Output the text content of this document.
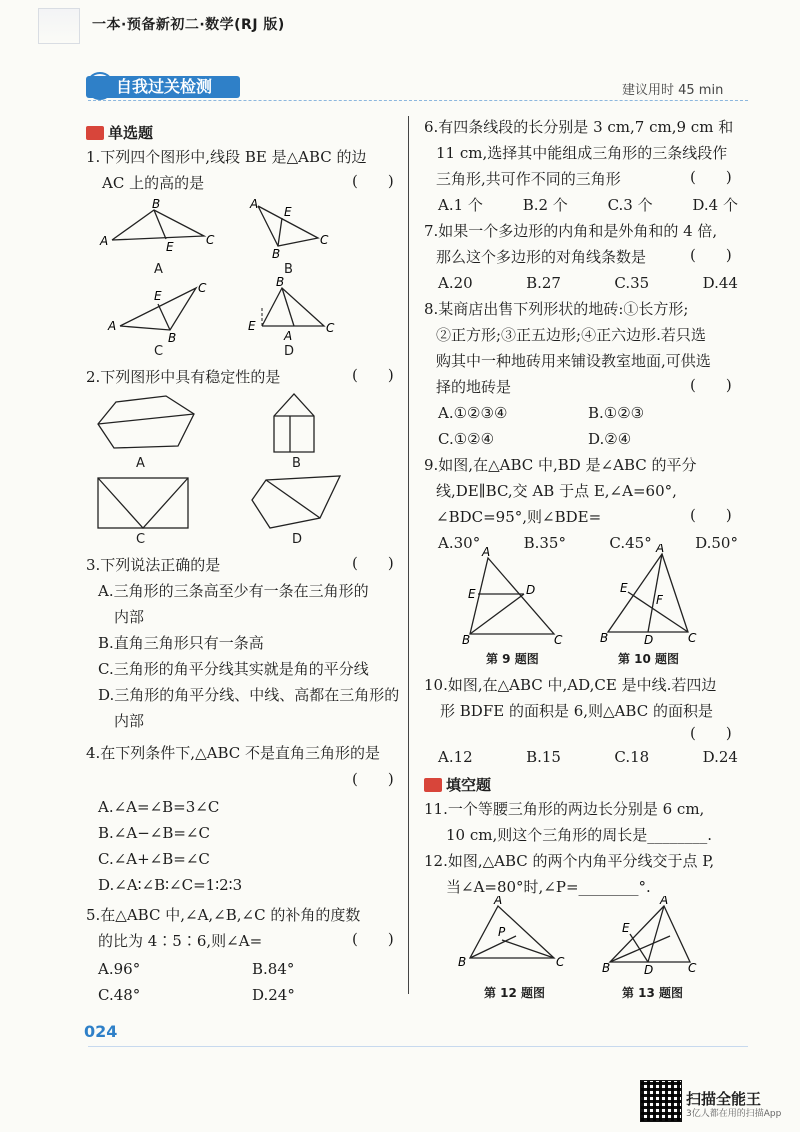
一本·预备新初二·数学(RJ 版)
自我过关检测	建议用时 45 min
单选题
1.下列四个图形中,线段 BE 是△ABC 的边
AC 上的高的是	(　　)
A
B
E	C
A
E
B
C
A
E
C
B
B
E
A
C
A	B
C	D
2.下列图形中具有稳定性的是	(　　)
A	B
C	D
3.下列说法正确的是
A.三角形的三条高至少有一条在三角形的
内部
B.直角三角形只有一条高
C.三角形的角平分线其实就是角的平分线
D.三角形的角平分线、中线、高都在三角形的
内部
(　　)
4.在下列条件下,△ABC 不是直角三角形的是
(　　)
A.∠A=∠B=3∠C
B.∠A−∠B=∠C
C.∠A+∠B=∠C
D.∠A∶∠B∶∠C=1∶2∶3
5.在△ABC 中,∠A,∠B,∠C 的补角的度数
的比为 4∶5∶6,则∠A=	(　　)
A.96°	B.84°
C.48°	D.24°
6.有四条线段的长分别是 3 cm,7 cm,9 cm 和
11 cm,选择其中能组成三角形的三条线段作
三角形,共可作不同的三角形	(　　)
A.1 个	B.2 个	C.3 个	D.4 个
7.如果一个多边形的内角和是外角和的 4 倍,
那么这个多边形的对角线条数是	(　　)
A.20	B.27	C.35	D.44
8.某商店出售下列形状的地砖:①长方形;
②正方形;③正五边形;④正六边形.若只选
购其中一种地砖用来铺设教室地面,可供选
择的地砖是	(　　)
A.①②③④	B.①②③
C.①②④	D.②④
9.如图,在△ABC 中,BD 是∠ABC 的平分
线,DE∥BC,交 AB 于点 E,∠A=60°,
∠BDC=95°,则∠BDE=	(　　)
A.30°	B.35°	C.45°	D.50°
A
E	D
B	C
A
E
F
B	D	C
第 9 题图	第 10 题图
10.如图,在△ABC 中,AD,CE 是中线.若四边
形 BDFE 的面积是 6,则△ABC 的面积是
(　　)
A.12	B.15	C.18	D.24
填空题
11.一个等腰三角形的两边长分别是 6 cm,
10 cm,则这个三角形的周长是________.
12.如图,△ABC 的两个内角平分线交于点 P,
当∠A=80°时,∠P=________°.
A
P
B	C
A
E
B	D	C
第 12 题图	第 13 题图
024
扫描全能王
3亿人都在用的扫描App
